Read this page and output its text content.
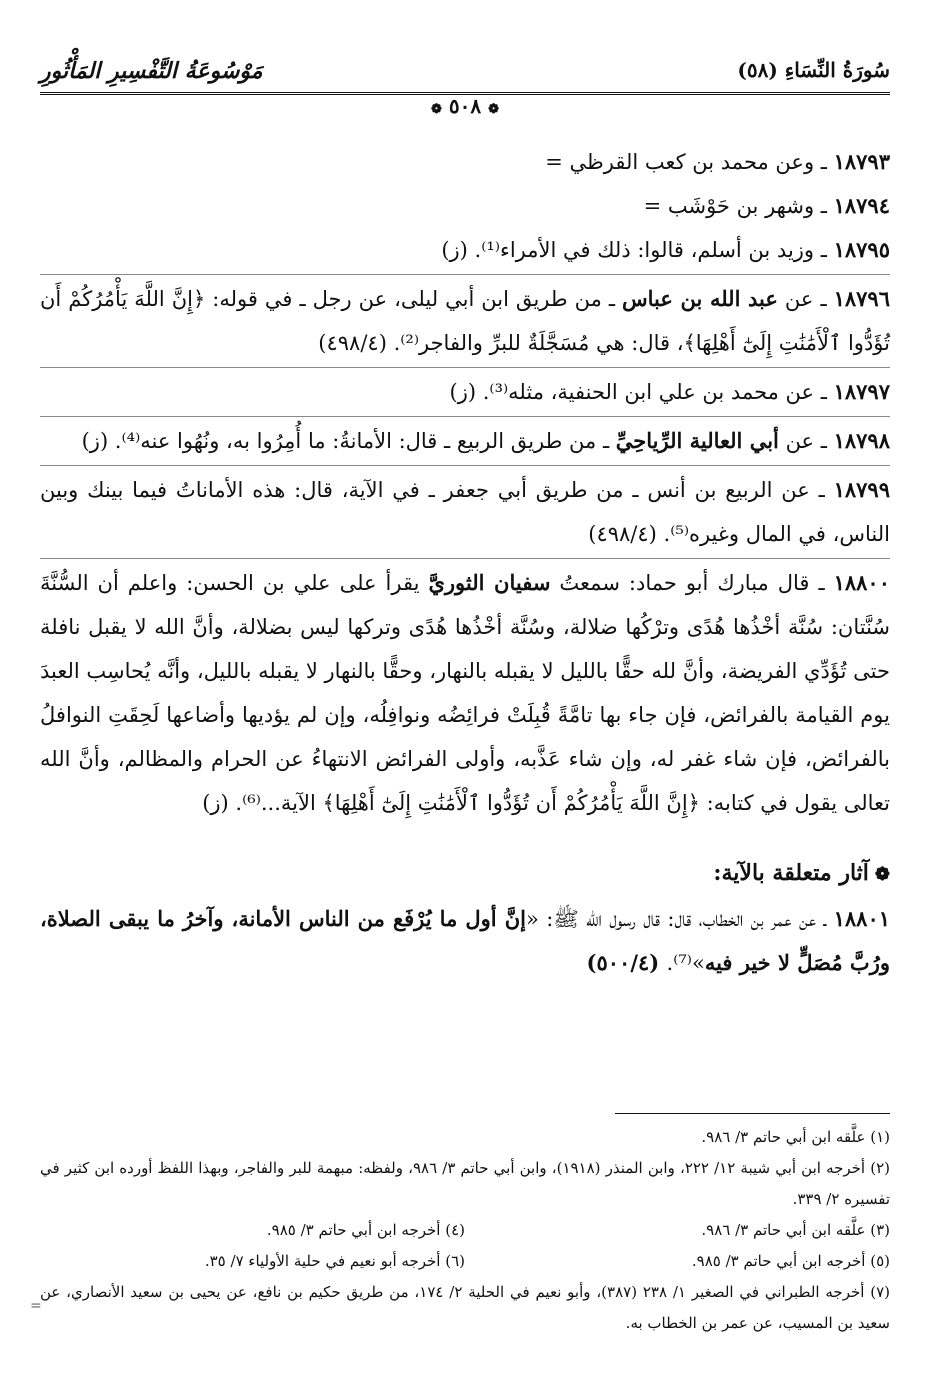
سُورَةُ النِّسَاءِ (٥٨)
مَوْسُوعَةُ التَّفْسِيرِ المَأْثُورِ
❁ ٥٠٨ ❁

١٨٧٩٣ ـ وعن محمد بن كعب القرظي =

١٨٧٩٤ ـ وشهر بن حَوْشَب =

١٨٧٩٥ ـ وزيد بن أسلم، قالوا: ذلك في الأمراء⁽¹⁾. (ز)

١٨٧٩٦ ـ عن عبد الله بن عباس ـ من طريق ابن أبي ليلى، عن رجل ـ في قوله: ﴿إِنَّ اللَّهَ يَأْمُرُكُمْ أَن تُؤَدُّوا ٱلْأَمَٰنَٰتِ إِلَىٰٓ أَهْلِهَا﴾، قال: هي مُسَجَّلَةٌ للبرِّ والفاجر⁽²⁾. (٤٩٨/٤)

١٨٧٩٧ ـ عن محمد بن علي ابن الحنفية، مثله⁽³⁾. (ز)

١٨٧٩٨ ـ عن أبي العالية الرِّياحِيِّ ـ من طريق الربيع ـ قال: الأمانةُ: ما أُمِرُوا به، ونُهُوا عنه⁽⁴⁾. (ز)

١٨٧٩٩ ـ عن الربيع بن أنس ـ من طريق أبي جعفر ـ في الآية، قال: هذه الأماناتُ فيما بينك وبين الناس، في المال وغيره⁽⁵⁾. (٤٩٨/٤)

١٨٨٠٠ ـ قال مبارك أبو حماد: سمعتُ سفيان الثوريَّ يقرأ على علي بن الحسن: واعلم أن السُّنَّةَ سُنَّتان: سُنَّة أخْذُها هُدًى وترْكُها ضلالة، وسُنَّة أخْذُها هُدًى وتركها ليس بضلالة، وأنَّ الله لا يقبل نافلة حتى تُؤَدِّي الفريضة، وأنَّ لله حقًّا بالليل لا يقبله بالنهار، وحقًّا بالنهار لا يقبله بالليل، وأنَّه يُحاسِب العبدَ يوم القيامة بالفرائض، فإن جاء بها تامَّةً قُبِلَتْ فرائِضُه ونوافِلُه، وإن لم يؤديها وأضاعها لَحِقَتِ النوافلُ بالفرائض، فإن شاء غفر له، وإن شاء عَذَّبه، وأولى الفرائض الانتهاءُ عن الحرام والمظالم، وأنَّ الله تعالى يقول في كتابه: ﴿إِنَّ اللَّهَ يَأْمُرُكُمْ أَن تُؤَدُّوا ٱلْأَمَٰنَٰتِ إِلَىٰٓ أَهْلِهَا﴾ الآية...⁽⁶⁾. (ز)

❁آثار متعلقة بالآية:

١٨٨٠١ ـ عن عمر بن الخطاب، قال: قال رسول الله ﷺ: «إنَّ أول ما يُرْفَع من الناس الأمانة، وآخرُ ما يبقى الصلاة، ورُبَّ مُصَلٍّ لا خير فيه»⁽⁷⁾. (٥٠٠/٤)

(١) علَّقه ابن أبي حاتم ٣/ ٩٨٦.
(٢) أخرجه ابن أبي شيبة ١٢/ ٢٢٢، وابن المنذر (١٩١٨)، وابن أبي حاتم ٣/ ٩٨٦، ولفظه: مبهمة للبر والفاجر، وبهذا اللفظ أورده ابن كثير في تفسيره ٢/ ٣٣٩.
(٣) علَّقه ابن أبي حاتم ٣/ ٩٨٦.
(٤) أخرجه ابن أبي حاتم ٣/ ٩٨٥.
(٥) أخرجه ابن أبي حاتم ٣/ ٩٨٥.
(٦) أخرجه أبو نعيم في حلية الأولياء ٧/ ٣٥.
(٧) أخرجه الطبراني في الصغير ١/ ٢٣٨ (٣٨٧)، وأبو نعيم في الحلية ٢/ ١٧٤، من طريق حكيم بن نافع، عن يحيى بن سعيد الأنصاري، عن سعيد بن المسيب، عن عمر بن الخطاب به.
=
